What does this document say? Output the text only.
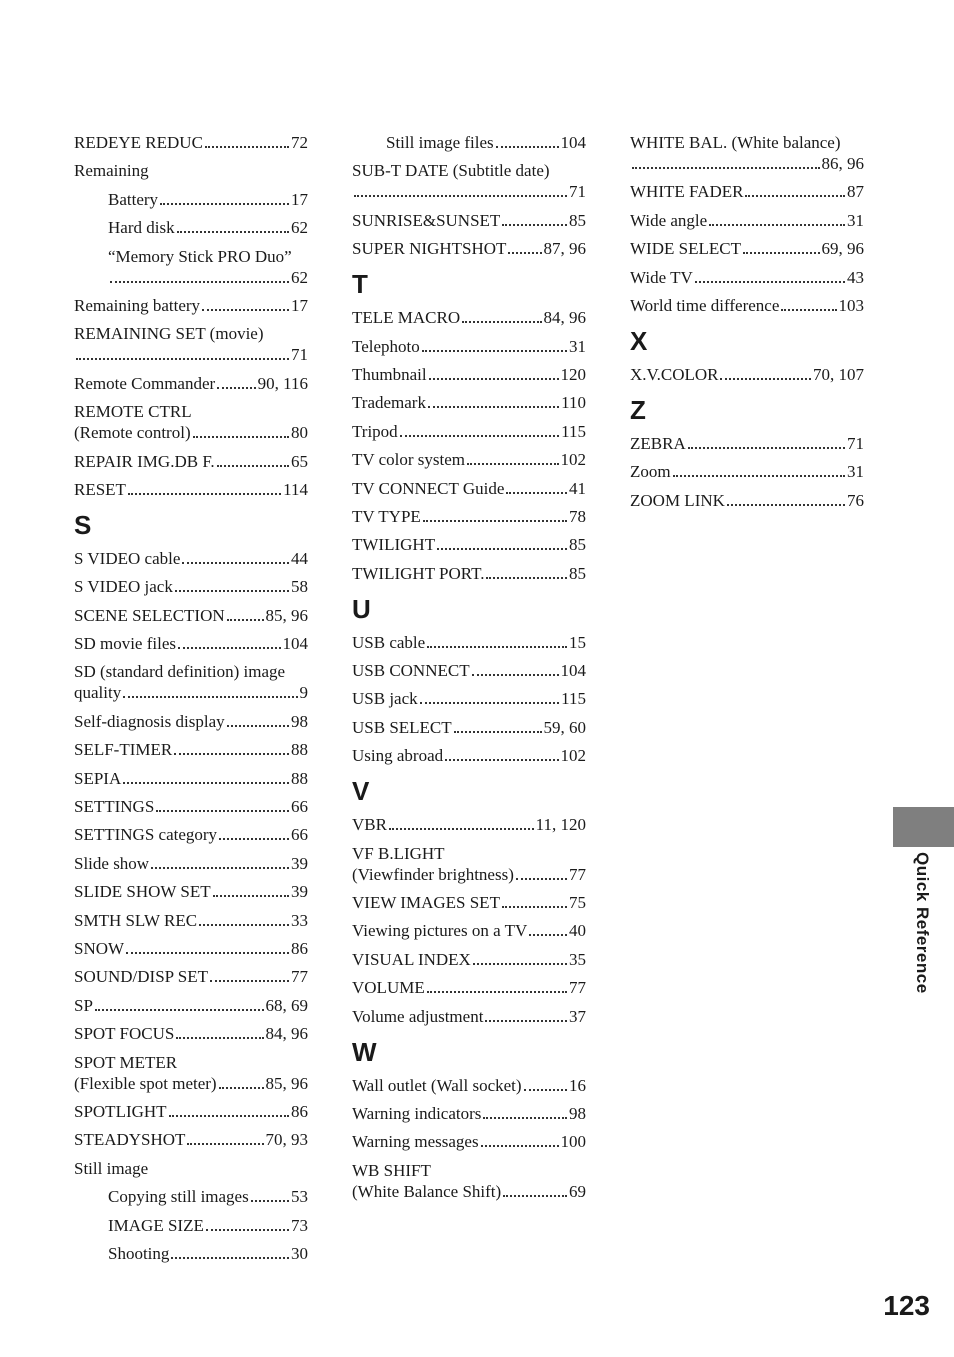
REDEYE REDUC	72
Remaining
Battery	17
Hard disk	62
“Memory Stick PRO Duo”
62
Remaining battery	17
REMAINING SET (movie)
71
Remote Commander 90, 116
REMOTE CTRL
(Remote control)	80
REPAIR IMG.DB F.	65
RESET	114
S
S VIDEO cable	44
S VIDEO jack	58
SCENE SELECTION 85, 96
SD movie files	104
SD (standard definition) image
quality	9
Self-diagnosis display	98
SELF-TIMER	88
SEPIA	88
SETTINGS	66
SETTINGS category	66
Slide show	39
SLIDE SHOW SET	39
SMTH SLW REC	33
SNOW	86
SOUND/DISP SET	77
SP	68, 69
SPOT FOCUS	84, 96
SPOT METER
(Flexible spot meter)	85, 96
SPOTLIGHT	86
STEADYSHOT	70, 93
Still image
Copying still images 53
IMAGE SIZE	73
Shooting	30
Still image files	104
SUB-T DATE (Subtitle date)
71
SUNRISE&SUNSET	85
SUPER NIGHTSHOT 87, 96
T
TELE MACRO	84, 96
Telephoto	31
Thumbnail	120
Trademark	110
Tripod	115
TV color system	102
TV CONNECT Guide	41
TV TYPE	78
TWILIGHT	85
TWILIGHT PORT.	85
U
USB cable	15
USB CONNECT	104
USB jack	115
USB SELECT	59, 60
Using abroad	102
V
VBR	11, 120
VF B.LIGHT
(Viewfinder brightness)	77
VIEW IMAGES SET	75
Viewing pictures on a TV 40
VISUAL INDEX	35
VOLUME	77
Volume adjustment	37
W
Wall outlet (Wall socket)	16
Warning indicators	98
Warning messages	100
WB SHIFT
(White Balance Shift)	69
WHITE BAL. (White balance)
86, 96
WHITE FADER	87
Wide angle	31
WIDE SELECT	69, 96
Wide TV	43
World time difference	103
X
X.V.COLOR	70, 107
Z
ZEBRA	71
Zoom	31
ZOOM LINK	76
Quick Reference
123
